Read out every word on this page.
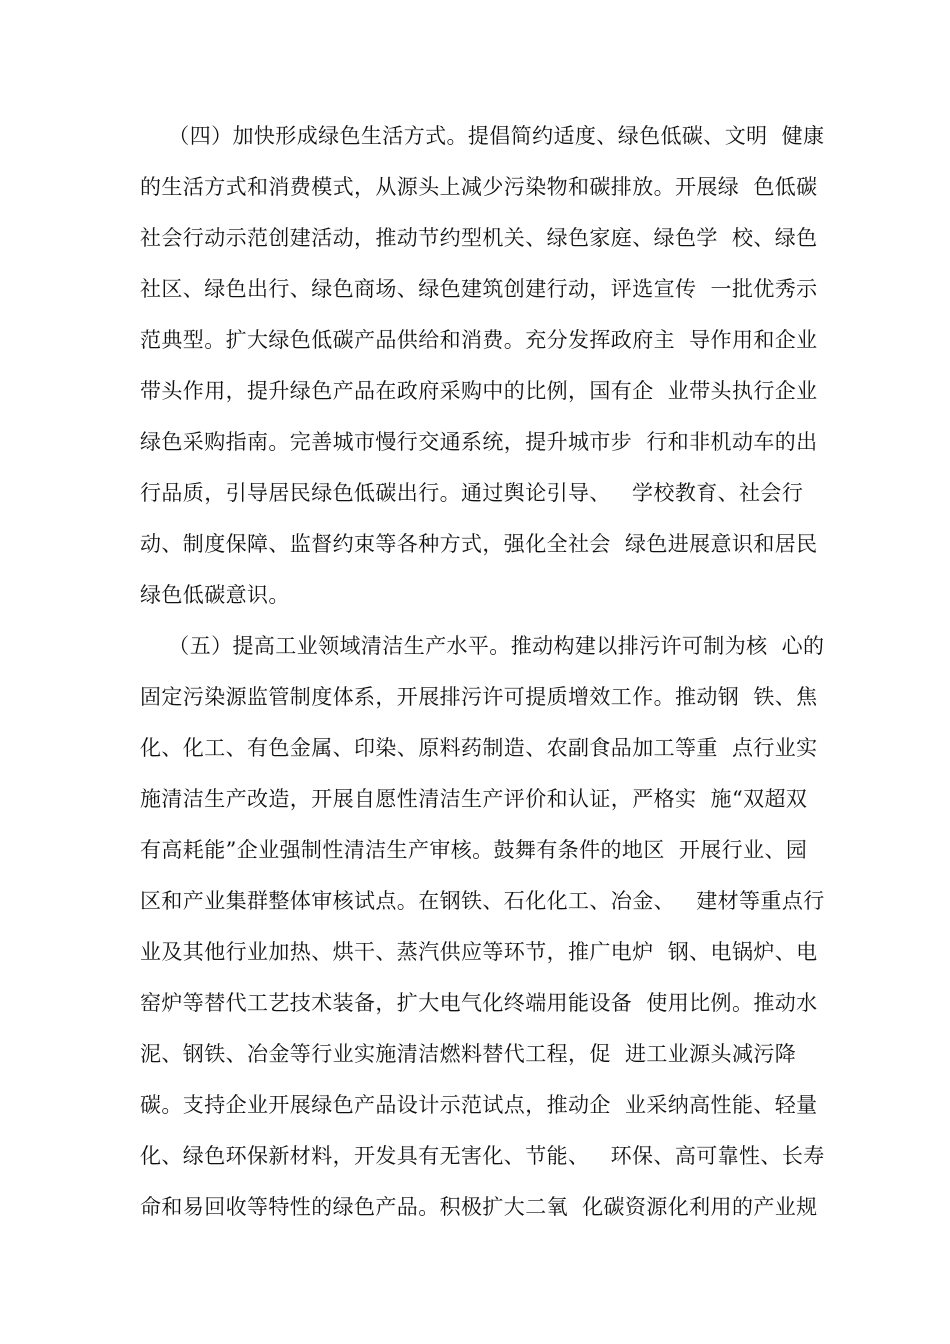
（四）加快形成绿色生活方式。提倡简约适度、绿色低碳、文明  健康
的生活方式和消费模式，从源头上减少污染物和碳排放。开展绿  色低碳
社会行动示范创建活动，推动节约型机关、绿色家庭、绿色学  校、绿色
社区、绿色出行、绿色商场、绿色建筑创建行动，评选宣传  一批优秀示
范典型。扩大绿色低碳产品供给和消费。充分发挥政府主  导作用和企业
带头作用，提升绿色产品在政府采购中的比例，国有企  业带头执行企业
绿色采购指南。完善城市慢行交通系统，提升城市步  行和非机动车的出
行品质，引导居民绿色低碳出行。通过舆论引导、   学校教育、社会行
动、制度保障、监督约束等各种方式，强化全社会  绿色进展意识和居民
绿色低碳意识。
（五）提高工业领域清洁生产水平。推动构建以排污许可制为核  心的
固定污染源监管制度体系，开展排污许可提质增效工作。推动钢  铁、焦
化、化工、有色金属、印染、原料药制造、农副食品加工等重  点行业实
施清洁生产改造，开展自愿性清洁生产评价和认证，严格实  施“双超双
有高耗能”企业强制性清洁生产审核。鼓舞有条件的地区  开展行业、园
区和产业集群整体审核试点。在钢铁、石化化工、冶金、   建材等重点行
业及其他行业加热、烘干、蒸汽供应等环节，推广电炉  钢、电锅炉、电
窑炉等替代工艺技术装备，扩大电气化终端用能设备  使用比例。推动水
泥、钢铁、冶金等行业实施清洁燃料替代工程，促  进工业源头减污降
碳。支持企业开展绿色产品设计示范试点，推动企  业采纳高性能、轻量
化、绿色环保新材料，开发具有无害化、节能、   环保、高可靠性、长寿
命和易回收等特性的绿色产品。积极扩大二氧  化碳资源化利用的产业规
